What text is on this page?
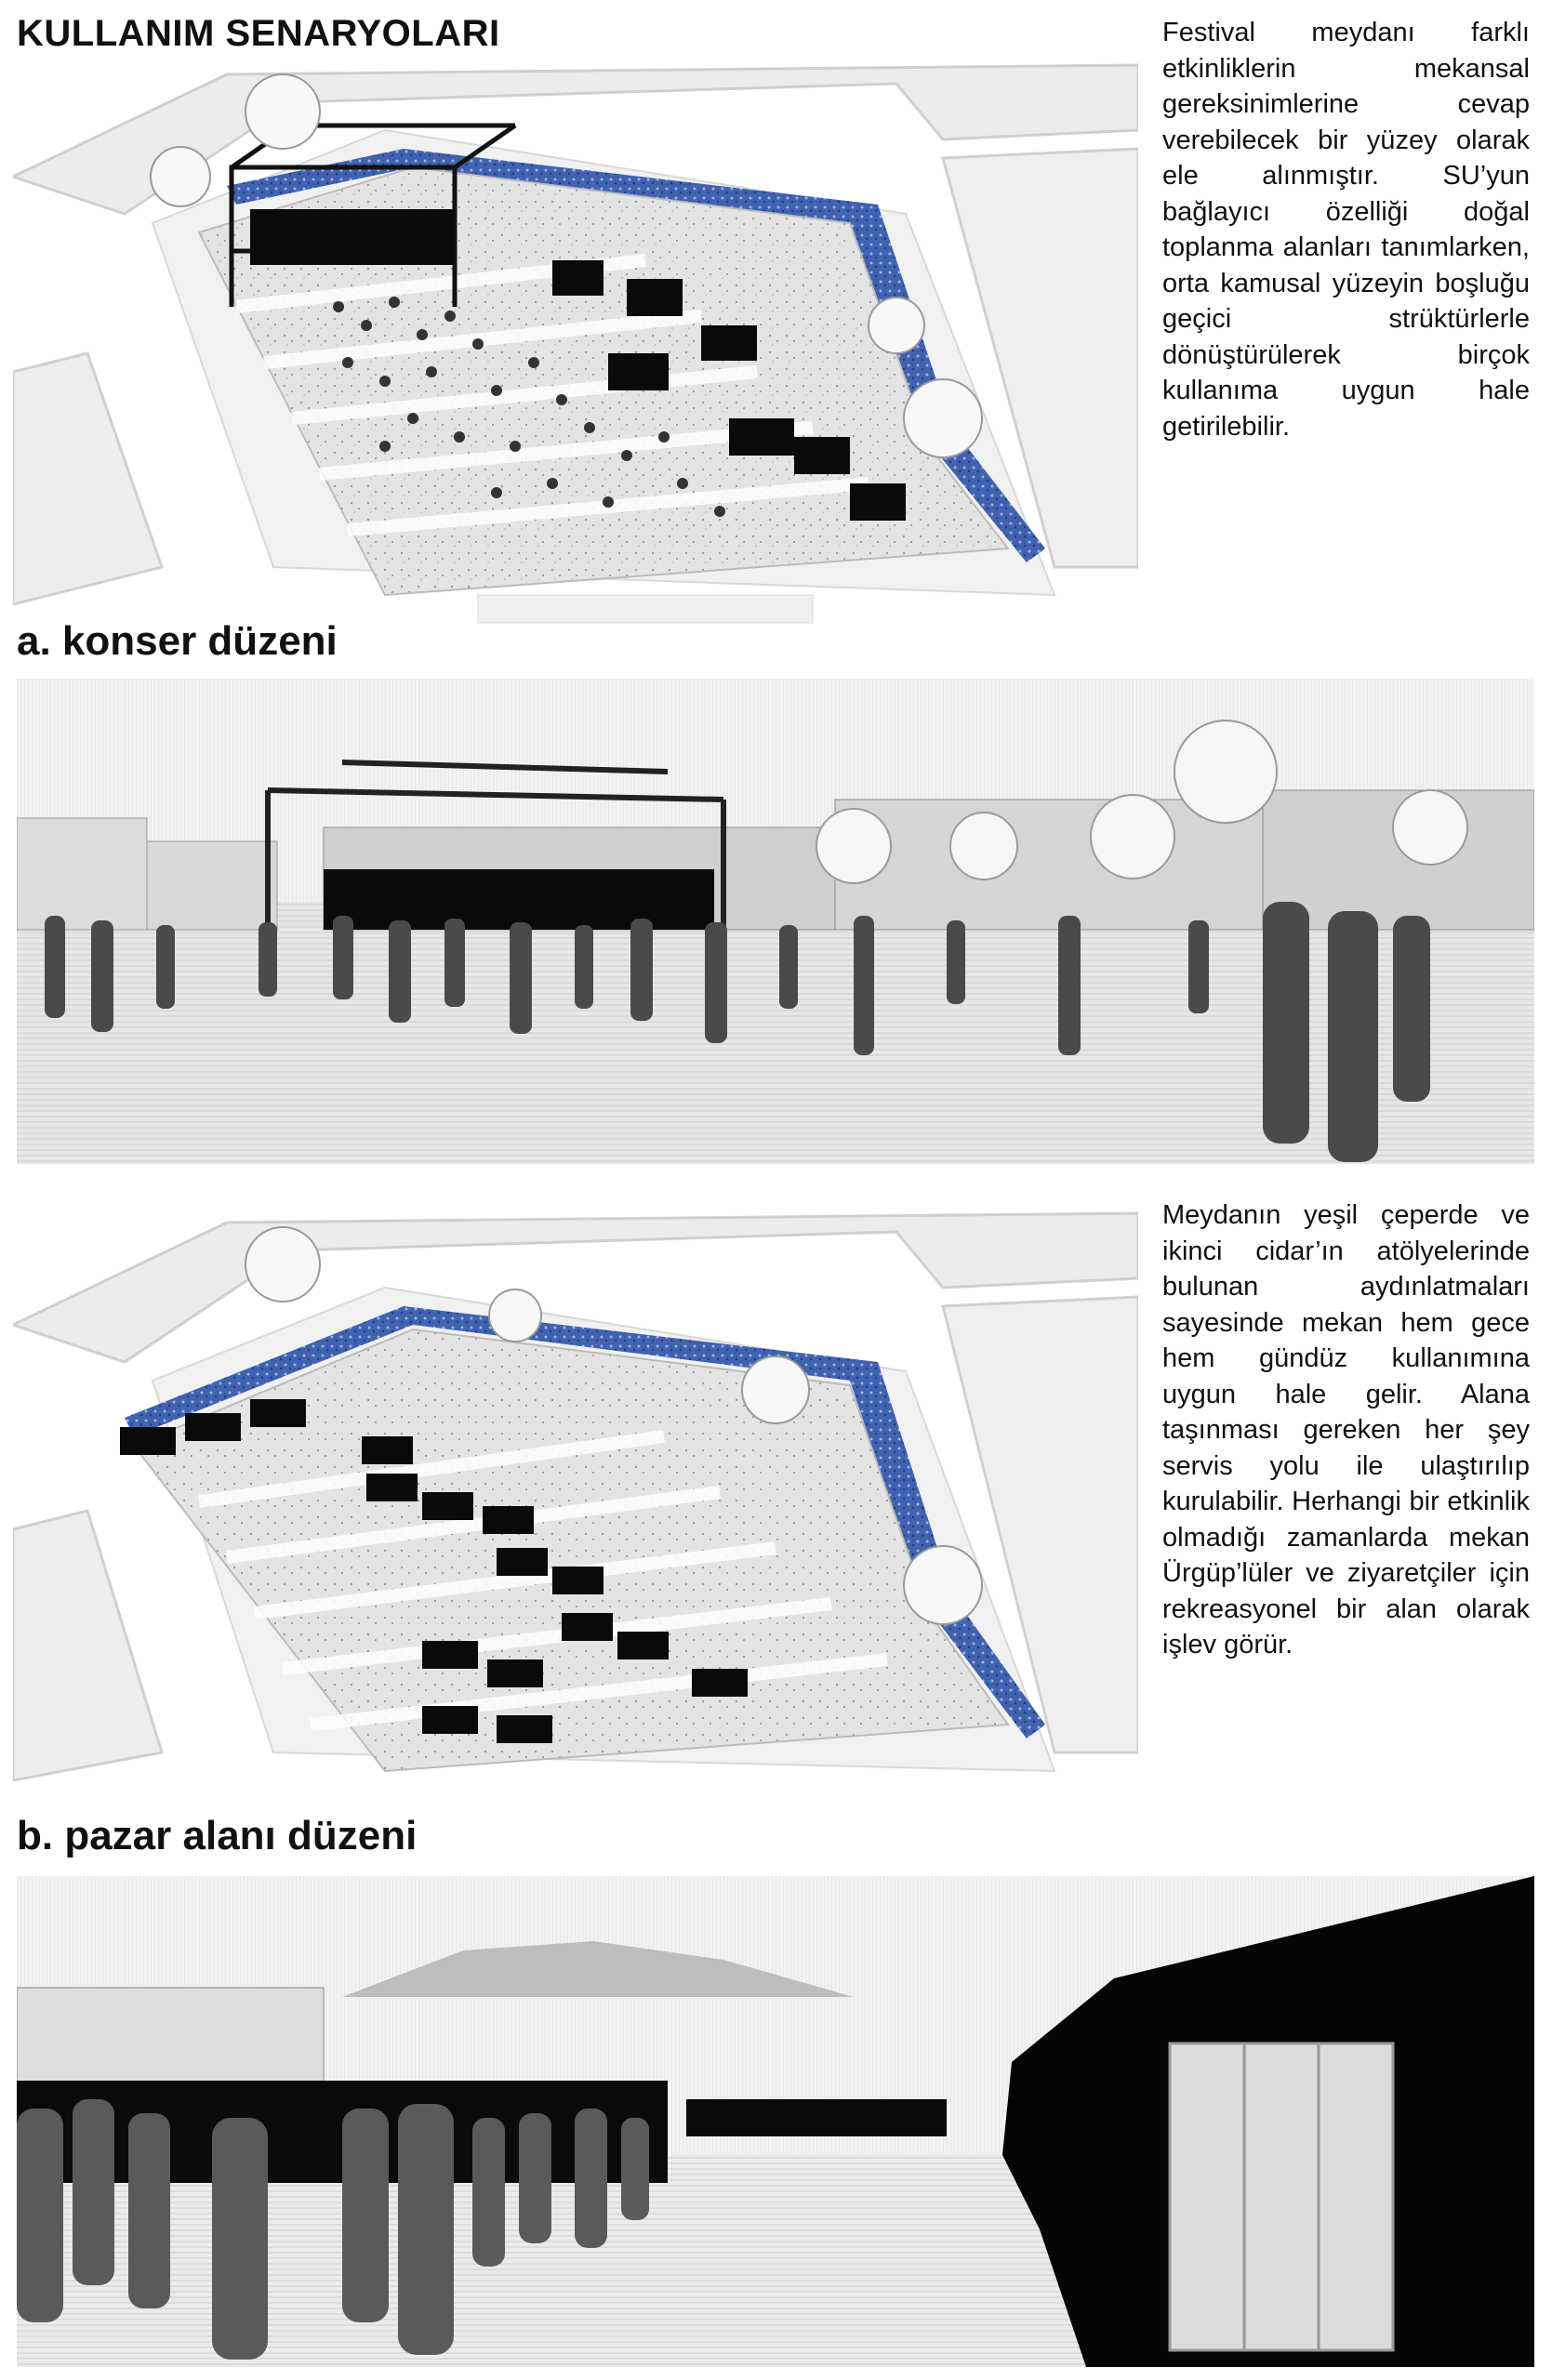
KULLANIM SENARYOLARI	Festival meydanı farklı etkinliklerin mekansal gereksinimlerine cevap verebilecek bir yüzey olarak ele alınmıştır. SU’yun bağlayıcı özelliği doğal toplanma alanları tanımlarken, orta kamusal yüzeyin boşluğu geçici strüktürlerle dönüştürülerek birçok kullanıma uygun hale getirilebilir.

a. konser düzeni

Meydanın yeşil çeperde ve ikinci cidar’ın atölyelerinde bulunan aydınlatmaları sayesinde mekan hem gece hem gündüz kullanımına uygun hale gelir. Alana taşınması gereken her şey servis yolu ile ulaştırılıp kurulabilir. Herhangi bir etkinlik olmadığı zamanlarda mekan Ürgüp’lüler ve ziyaretçiler için rekreasyonel bir alan olarak işlev görür.

b. pazar alanı düzeni
